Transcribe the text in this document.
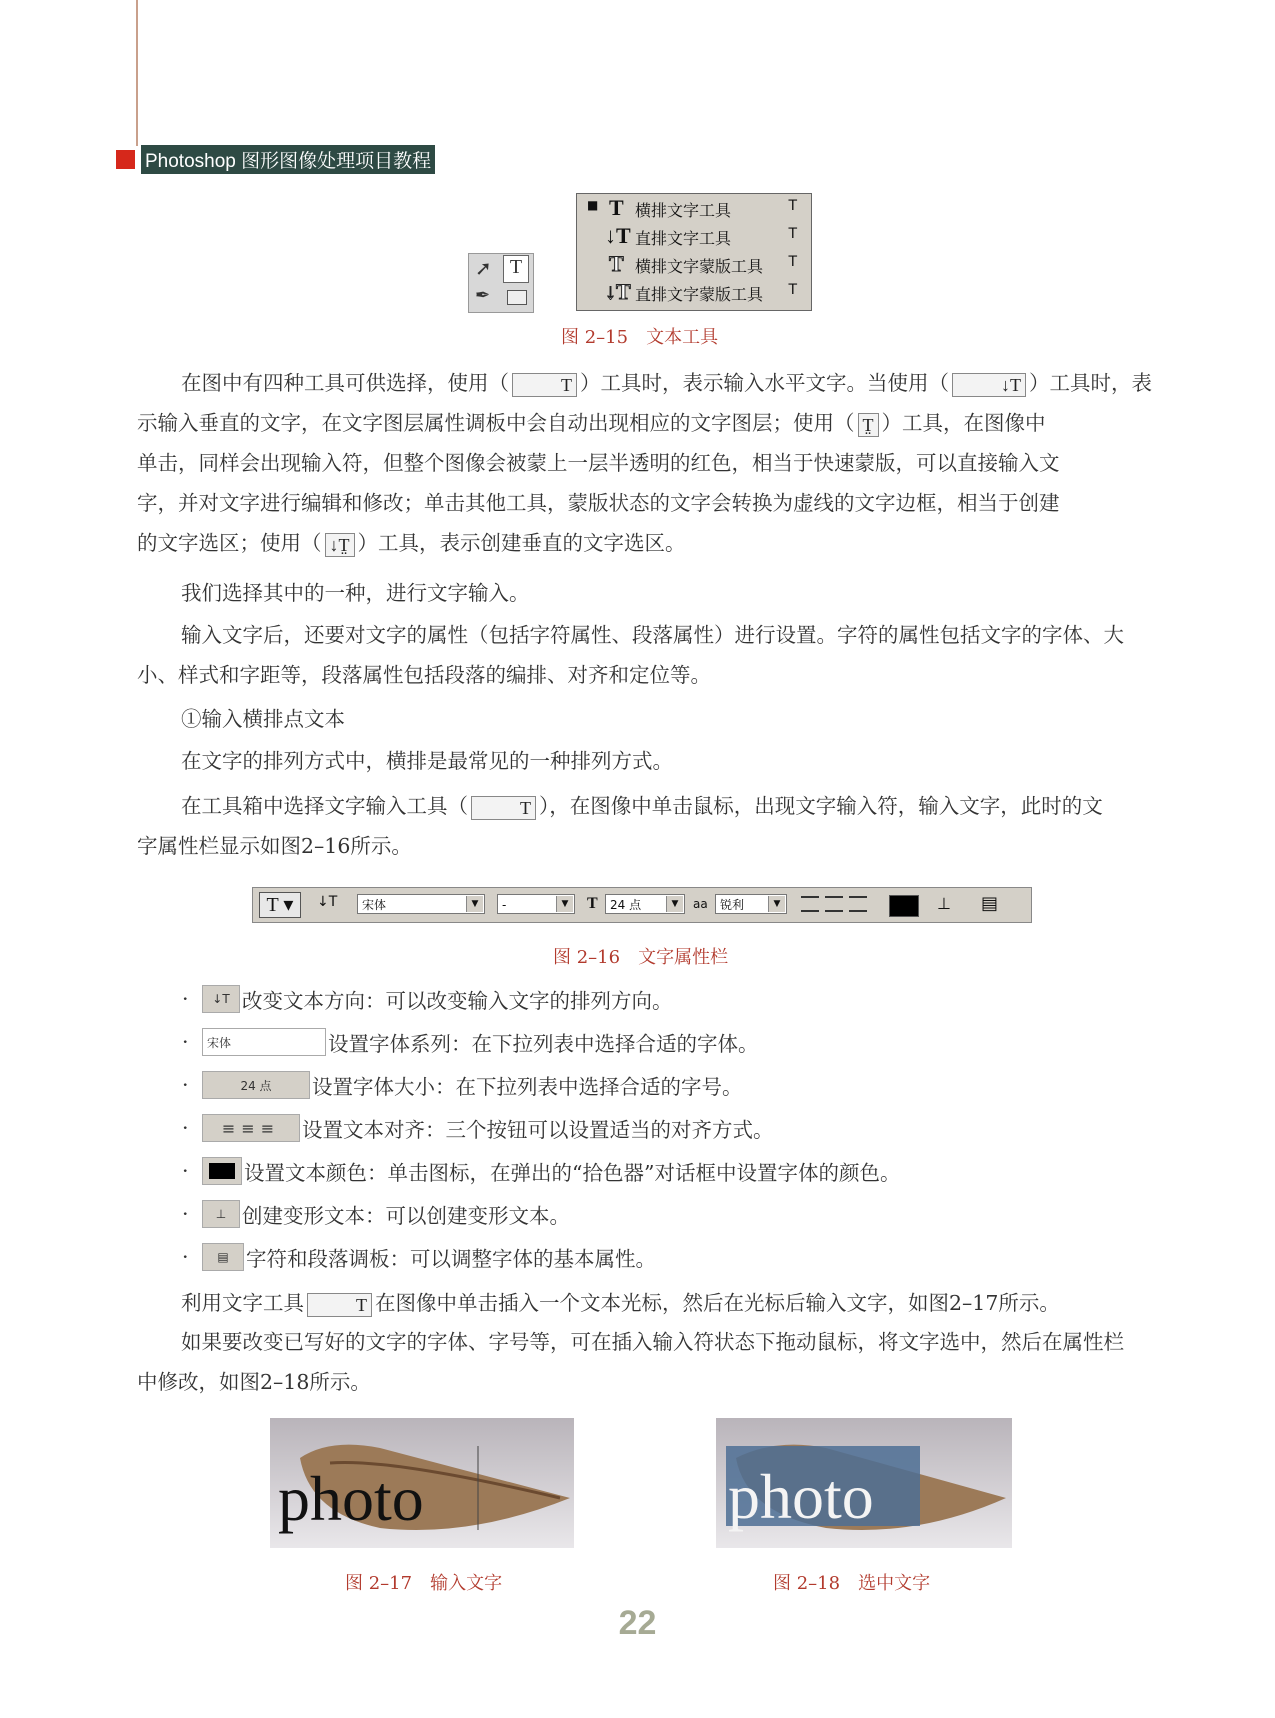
Photoshop 图形图像处理项目教程
➚ T
✒
■ T 横排文字工具	T
↓T 直排文字工具	T
T 横排文字蒙版工具 T
↓T 直排文字蒙版工具 T
图 2–15　文本工具
在图中有四种工具可供选择，使用（	T ）工具时，表示输入水平文字。当使用（	↓T ）工具时，表
示输入垂直的文字，在文字图层属性调板中会自动出现相应的文字图层；使用（ T̤ ）工具，在图像中
单击，同样会出现输入符，但整个图像会被蒙上一层半透明的红色，相当于快速蒙版，可以直接输入文
字，并对文字进行编辑和修改；单击其他工具，蒙版状态的文字会转换为虚线的文字边框，相当于创建
的文字选区；使用（ ↓T̤ ）工具，表示创建垂直的文字选区。
我们选择其中的一种，进行文字输入。
输入文字后，还要对文字的属性（包括字符属性、段落属性）进行设置。字符的属性包括文字的字体、大小、样式和字距等，段落属性包括段落的编排、对齐和定位等。
①输入横排点文本
在文字的排列方式中，横排是最常见的一种排列方式。
在工具箱中选择文字输入工具（	T ），在图像中单击鼠标，出现文字输入符，输入文字，此时的文
字属性栏显示如图2–16所示。
T ▾	↓T	宋体	▼	-	▼ T	24 点	▼	aa	锐利	▼	⊥ ▤
图 2–16　文字属性栏
·	↓T 改变文本方向：可以改变输入文字的排列方向。
·	宋体	设置字体系列：在下拉列表中选择合适的字体。
·	24 点	设置字体大小：在下拉列表中选择合适的字号。
·	≡≡≡	设置文本对齐：三个按钮可以设置适当的对齐方式。
·	设置文本颜色：单击图标，在弹出的“拾色器”对话框中设置字体的颜色。
·	⊥ 创建变形文本：可以创建变形文本。
·	▤ 字符和段落调板：可以调整字体的基本属性。
利用文字工具	T 在图像中单击插入一个文本光标，然后在光标后输入文字，如图2–17所示。
如果要改变已写好的文字的字体、字号等，可在插入输入符状态下拖动鼠标，将文字选中，然后在属性栏中修改，如图2–18所示。
photo
图 2–17　输入文字
photo
图 2–18　选中文字
22
